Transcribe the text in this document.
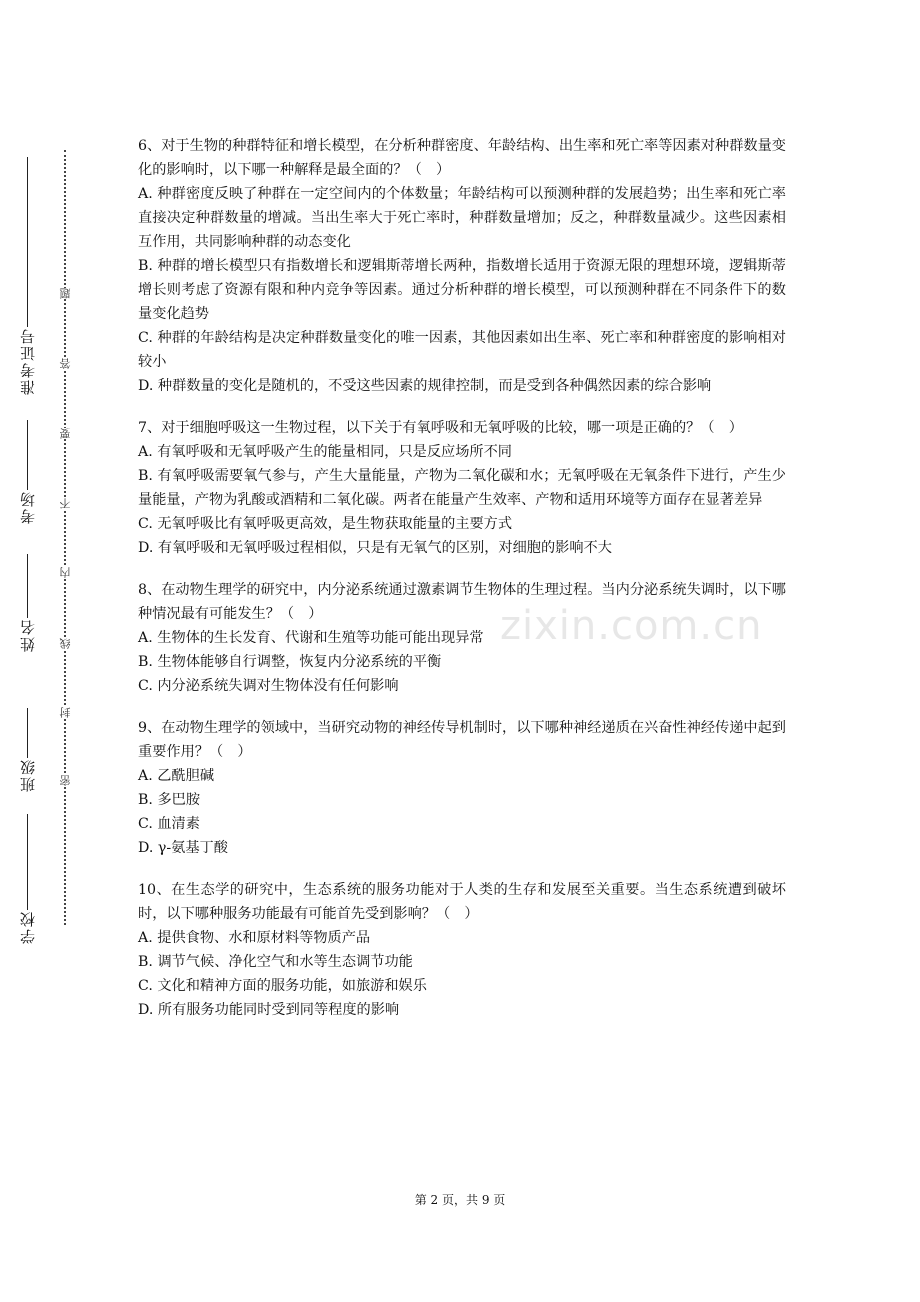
准考证号
考场
姓名
班级
学校
题
答
要
不
内
线
封
密
zixin.com.cn
6、对于生物的种群特征和增长模型，在分析种群密度、年龄结构、出生率和死亡率等因素对种群数量变化的影响时，以下哪一种解释是最全面的？（　）
A. 种群密度反映了种群在一定空间内的个体数量；年龄结构可以预测种群的发展趋势；出生率和死亡率直接决定种群数量的增减。当出生率大于死亡率时，种群数量增加；反之，种群数量减少。这些因素相互作用，共同影响种群的动态变化
B. 种群的增长模型只有指数增长和逻辑斯蒂增长两种，指数增长适用于资源无限的理想环境，逻辑斯蒂增长则考虑了资源有限和种内竞争等因素。通过分析种群的增长模型，可以预测种群在不同条件下的数量变化趋势
C. 种群的年龄结构是决定种群数量变化的唯一因素，其他因素如出生率、死亡率和种群密度的影响相对较小
D. 种群数量的变化是随机的，不受这些因素的规律控制，而是受到各种偶然因素的综合影响
7、对于细胞呼吸这一生物过程，以下关于有氧呼吸和无氧呼吸的比较，哪一项是正确的？（　）
A. 有氧呼吸和无氧呼吸产生的能量相同，只是反应场所不同
B. 有氧呼吸需要氧气参与，产生大量能量，产物为二氧化碳和水；无氧呼吸在无氧条件下进行，产生少量能量，产物为乳酸或酒精和二氧化碳。两者在能量产生效率、产物和适用环境等方面存在显著差异
C. 无氧呼吸比有氧呼吸更高效，是生物获取能量的主要方式
D. 有氧呼吸和无氧呼吸过程相似，只是有无氧气的区别，对细胞的影响不大
8、在动物生理学的研究中，内分泌系统通过激素调节生物体的生理过程。当内分泌系统失调时，以下哪种情况最有可能发生？（　）
A. 生物体的生长发育、代谢和生殖等功能可能出现异常
B. 生物体能够自行调整，恢复内分泌系统的平衡
C. 内分泌系统失调对生物体没有任何影响
9、在动物生理学的领域中，当研究动物的神经传导机制时，以下哪种神经递质在兴奋性神经传递中起到重要作用？（　）
A. 乙酰胆碱
B. 多巴胺
C. 血清素
D. γ-氨基丁酸
10、在生态学的研究中，生态系统的服务功能对于人类的生存和发展至关重要。当生态系统遭到破坏时，以下哪种服务功能最有可能首先受到影响？（　）
A. 提供食物、水和原材料等物质产品
B. 调节气候、净化空气和水等生态调节功能
C. 文化和精神方面的服务功能，如旅游和娱乐
D. 所有服务功能同时受到同等程度的影响
第 2 页，共 9 页
